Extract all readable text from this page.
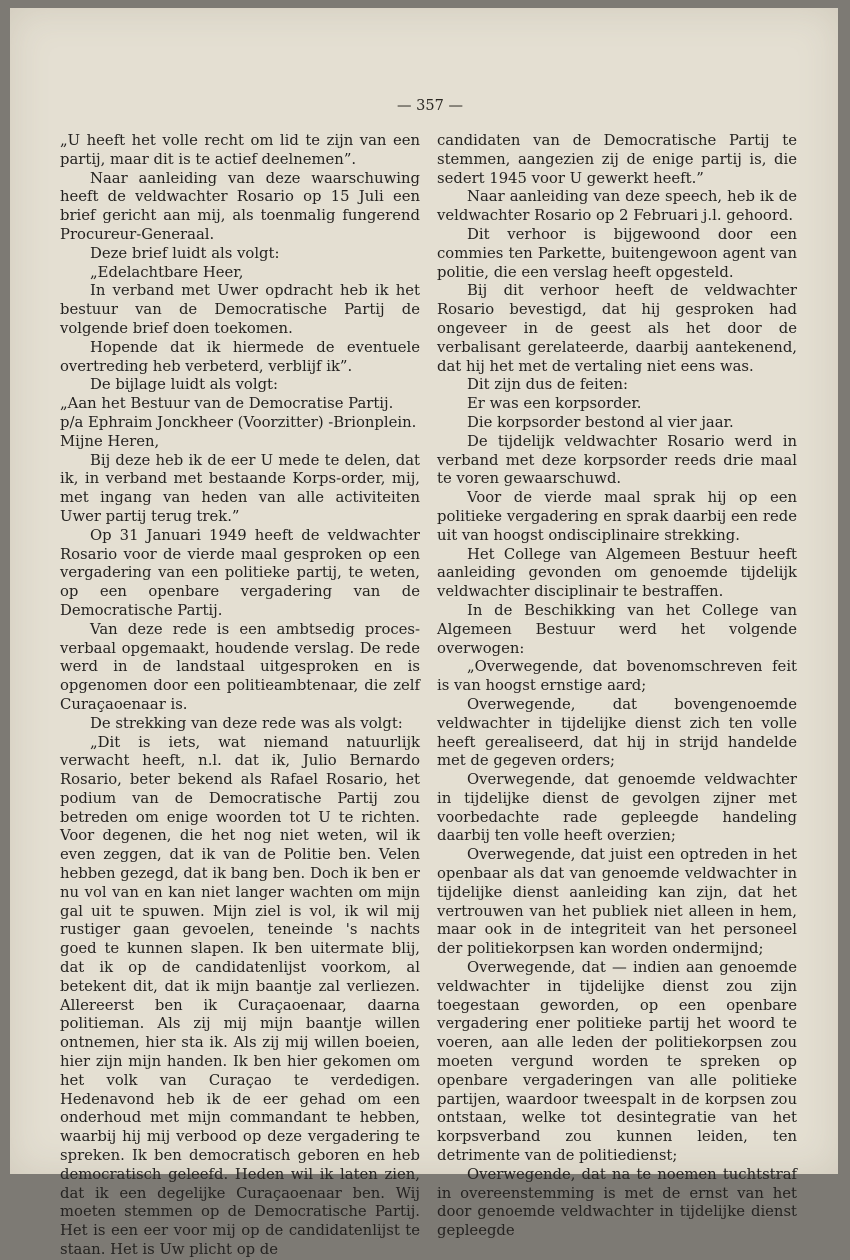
— 357 —

„U heeft het volle recht om lid te zijn van een partij, maar dit is te actief deelnemen”.

Naar aanleiding van deze waarschuwing heeft de veldwachter Rosario op 15 Juli een brief gericht aan mij, als toenmalig fungerend Procureur-Generaal.

Deze brief luidt als volgt:

„Edelachtbare Heer,

In verband met Uwer opdracht heb ik het bestuur van de Democratische Partij de volgende brief doen toekomen.

Hopende dat ik hiermede de eventuele overtreding heb verbeterd, verblijf ik”.

De bijlage luidt als volgt:

„Aan het Bestuur van de Democratise Partij.

p/a Ephraim Jonckheer (Voorzitter) -Brionplein.

Mijne Heren,

Bij deze heb ik de eer U mede te delen, dat ik, in verband met bestaande Korps-order, mij, met ingang van heden van alle activiteiten Uwer partij terug trek.”

Op 31 Januari 1949 heeft de veldwachter Rosario voor de vierde maal gesproken op een vergadering van een politieke partij, te weten, op een openbare vergadering van de Democratische Partij.

Van deze rede is een ambtsedig proces-verbaal opgemaakt, houdende verslag. De rede werd in de landstaal uitgesproken en is opgenomen door een politieambtenaar, die zelf Curaçaoenaar is.

De strekking van deze rede was als volgt:

„Dit is iets, wat niemand natuurlijk verwacht heeft, n.l. dat ik, Julio Bernardo Rosario, beter bekend als Rafael Rosario, het podium van de Democratische Partij zou betreden om enige woorden tot U te richten. Voor degenen, die het nog niet weten, wil ik even zeggen, dat ik van de Politie ben. Velen hebben gezegd, dat ik bang ben. Doch ik ben er nu vol van en kan niet langer wachten om mijn gal uit te spuwen. Mijn ziel is vol, ik wil mij rustiger gaan gevoelen, teneinde 's nachts goed te kunnen slapen. Ik ben uitermate blij, dat ik op de candidatenlijst voorkom, al betekent dit, dat ik mijn baantje zal verliezen. Allereerst ben ik Curaçaoenaar, daarna politieman. Als zij mij mijn baantje willen ontnemen, hier sta ik. Als zij mij willen boeien, hier zijn mijn handen. Ik ben hier gekomen om het volk van Curaçao te verdedigen. Hedenavond heb ik de eer gehad om een onderhoud met mijn commandant te hebben, waarbij hij mij verbood op deze vergadering te spreken. Ik ben democratisch geboren en heb democratisch geleefd. Heden wil ik laten zien, dat ik een degelijke Curaçaoenaar ben. Wij moeten stemmen op de Democratische Partij. Het is een eer voor mij op de candidatenlijst te staan. Het is Uw plicht op de

candidaten van de Democratische Partij te stemmen, aangezien zij de enige partij is, die sedert 1945 voor U gewerkt heeft.”

Naar aanleiding van deze speech, heb ik de veldwachter Rosario op 2 Februari j.l. gehoord.

Dit verhoor is bijgewoond door een commies ten Parkette, buitengewoon agent van politie, die een verslag heeft opgesteld.

Bij dit verhoor heeft de veldwachter Rosario bevestigd, dat hij gesproken had ongeveer in de geest als het door de verbalisant gerelateerde, daarbij aantekenend, dat hij het met de vertaling niet eens was.

Dit zijn dus de feiten:

Er was een korpsorder.

Die korpsorder bestond al vier jaar.

De tijdelijk veldwachter Rosario werd in verband met deze korpsorder reeds drie maal te voren gewaarschuwd.

Voor de vierde maal sprak hij op een politieke vergadering en sprak daarbij een rede uit van hoogst ondisciplinaire strekking.

Het College van Algemeen Bestuur heeft aanleiding gevonden om genoemde tijdelijk veldwachter disciplinair te bestraffen.

In de Beschikking van het College van Algemeen Bestuur werd het volgende overwogen:

„Overwegende, dat bovenomschreven feit is van hoogst ernstige aard;

Overwegende, dat bovengenoemde veldwachter in tijdelijke dienst zich ten volle heeft gerealiseerd, dat hij in strijd handelde met de gegeven orders;

Overwegende, dat genoemde veldwachter in tijdelijke dienst de gevolgen zijner met voorbedachte rade gepleegde handeling daarbij ten volle heeft overzien;

Overwegende, dat juist een optreden in het openbaar als dat van genoemde veldwachter in tijdelijke dienst aanleiding kan zijn, dat het vertrouwen van het publiek niet alleen in hem, maar ook in de integriteit van het personeel der politiekorpsen kan worden ondermijnd;

Overwegende, dat — indien aan genoemde veldwachter in tijdelijke dienst zou zijn toegestaan geworden, op een openbare vergadering ener politieke partij het woord te voeren, aan alle leden der politiekorpsen zou moeten vergund worden te spreken op openbare vergaderingen van alle politieke partijen, waardoor tweespalt in de korpsen zou ontstaan, welke tot desintegratie van het korpsverband zou kunnen leiden, ten detrimente van de politiedienst;

Overwegende, dat na te noemen tuchtstraf in overeenstemming is met de ernst van het door genoemde veldwachter in tijdelijke dienst gepleegde
